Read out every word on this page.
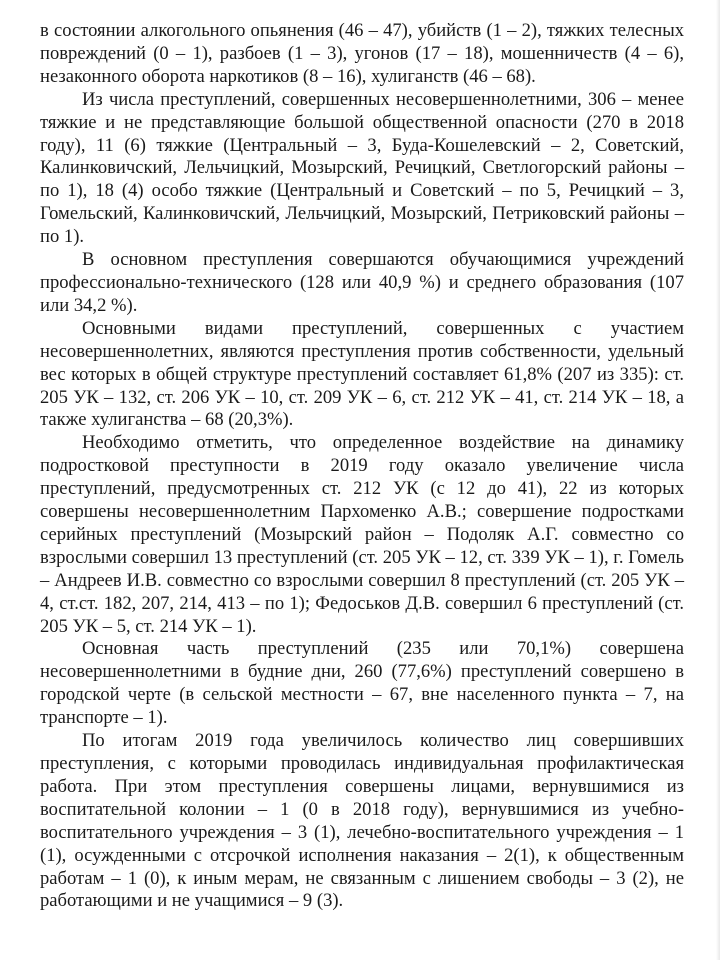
в состоянии алкогольного опьянения (46 – 47), убийств (1 – 2), тяжких телесных повреждений (0 – 1), разбоев (1 – 3), угонов (17 – 18), мошенничеств (4 – 6), незаконного оборота наркотиков (8 – 16), хулиганств (46 – 68).

Из числа преступлений, совершенных несовершеннолетними, 306 – менее тяжкие и не представляющие большой общественной опасности (270 в 2018 году), 11 (6) тяжкие (Центральный – 3, Буда-Кошелевский – 2, Советский, Калинковичский, Лельчицкий, Мозырский, Речицкий, Светлогорский районы – по 1), 18 (4) особо тяжкие (Центральный и Советский – по 5, Речицкий – 3, Гомельский, Калинковичский, Лельчицкий, Мозырский, Петриковский районы – по 1).

В основном преступления совершаются обучающимися учреждений профессионально-технического (128 или 40,9 %) и среднего образования (107 или 34,2 %).

Основными видами преступлений, совершенных с участием несовершеннолетних, являются преступления против собственности, удельный вес которых в общей структуре преступлений составляет 61,8% (207 из 335): ст. 205 УК – 132, ст. 206 УК – 10, ст. 209 УК – 6, ст. 212 УК – 41, ст. 214 УК – 18, а также хулиганства – 68 (20,3%).

Необходимо отметить, что определенное воздействие на динамику подростковой преступности в 2019 году оказало увеличение числа преступлений, предусмотренных ст. 212 УК (с 12 до 41), 22 из которых совершены несовершеннолетним Пархоменко А.В.; совершение подростками серийных преступлений (Мозырский район – Подоляк А.Г. совместно со взрослыми совершил 13 преступлений (ст. 205 УК – 12, ст. 339 УК – 1), г. Гомель – Андреев И.В. совместно со взрослыми совершил 8 преступлений (ст. 205 УК – 4, ст.ст. 182, 207, 214, 413 – по 1); Федоськов Д.В. совершил 6 преступлений (ст. 205 УК – 5, ст. 214 УК – 1).

Основная часть преступлений (235 или 70,1%) совершена несовершеннолетними в будние дни, 260 (77,6%) преступлений совершено в городской черте (в сельской местности – 67, вне населенного пункта – 7, на транспорте – 1).

По итогам 2019 года увеличилось количество лиц совершивших преступления, с которыми проводилась индивидуальная профилактическая работа. При этом преступления совершены лицами, вернувшимися из воспитательной колонии – 1 (0 в 2018 году), вернувшимися из учебно-воспитательного учреждения – 3 (1), лечебно-воспитательного учреждения – 1 (1), осужденными с отсрочкой исполнения наказания – 2(1), к общественным работам – 1 (0), к иным мерам, не связанным с лишением свободы – 3 (2), не работающими и не учащимися – 9 (3).
